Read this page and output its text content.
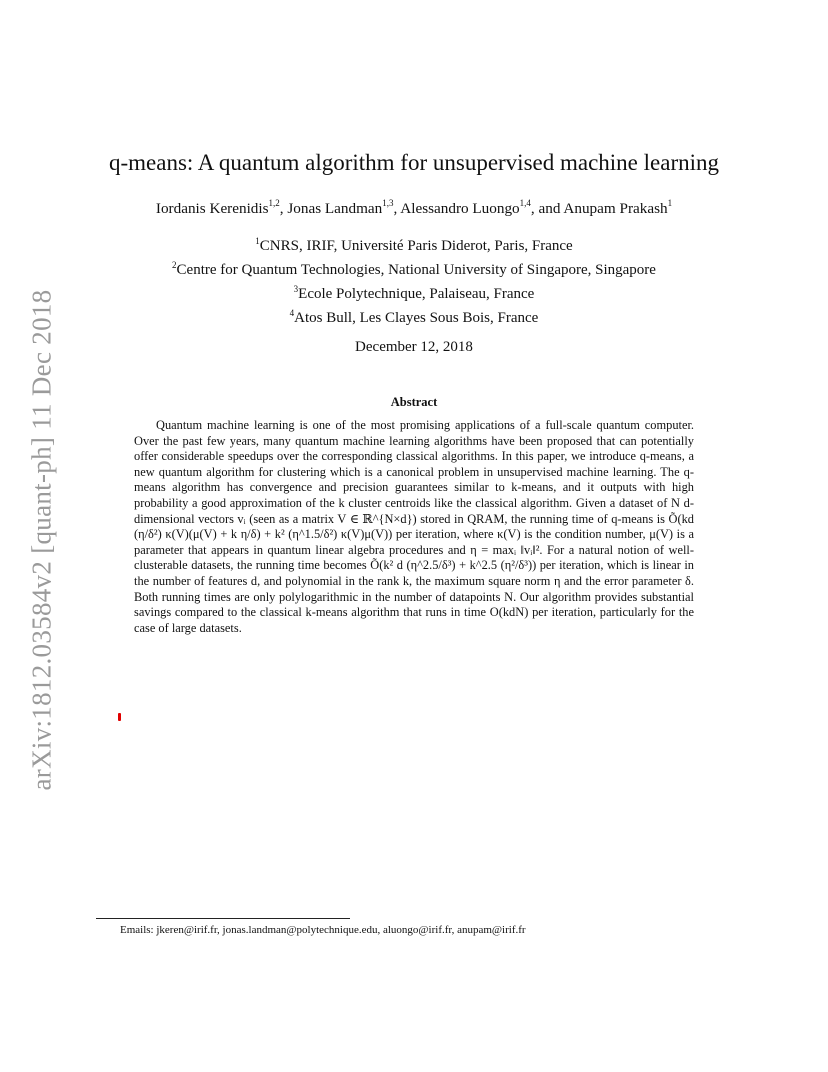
arXiv:1812.03584v2 [quant-ph] 11 Dec 2018
q-means: A quantum algorithm for unsupervised machine learning
Iordanis Kerenidis$^{1,2}$, Jonas Landman$^{1,3}$, Alessandro Luongo$^{1,4}$, and Anupam Prakash$^1$
$^1$CNRS, IRIF, Université Paris Diderot, Paris, France
$^2$Centre for Quantum Technologies, National University of Singapore, Singapore
$^3$Ecole Polytechnique, Palaiseau, France
$^4$Atos Bull, Les Clayes Sous Bois, France
December 12, 2018
Abstract

Quantum machine learning is one of the most promising applications of a full-scale quantum computer. Over the past few years, many quantum machine learning algorithms have been proposed that can potentially offer considerable speedups over the corresponding classical algorithms. In this paper, we introduce q-means, a new quantum algorithm for clustering which is a canonical problem in unsupervised machine learning. The q-means algorithm has convergence and precision guarantees similar to k-means, and it outputs with high probability a good approximation of the k cluster centroids like the classical algorithm. Given a dataset of N d-dimensional vectors vᵢ (seen as a matrix V ∈ ℝ^{N×d}) stored in QRAM, the running time of q-means is Õ(kd (η/δ²) κ(V)(μ(V) + k η/δ) + k² (η^1.5/δ²) κ(V)μ(V)) per iteration, where κ(V) is the condition number, μ(V) is a parameter that appears in quantum linear algebra procedures and η = maxᵢ ‖vᵢ‖². For a natural notion of well-clusterable datasets, the running time becomes Õ(k² d (η^2.5/δ³) + k^2.5 (η²/δ³)) per iteration, which is linear in the number of features d, and polynomial in the rank k, the maximum square norm η and the error parameter δ. Both running times are only polylogarithmic in the number of datapoints N. Our algorithm provides substantial savings compared to the classical k-means algorithm that runs in time O(kdN) per iteration, particularly for the case of large datasets.

Emails: jkeren@irif.fr, jonas.landman@polytechnique.edu, aluongo@irif.fr, anupam@irif.fr
